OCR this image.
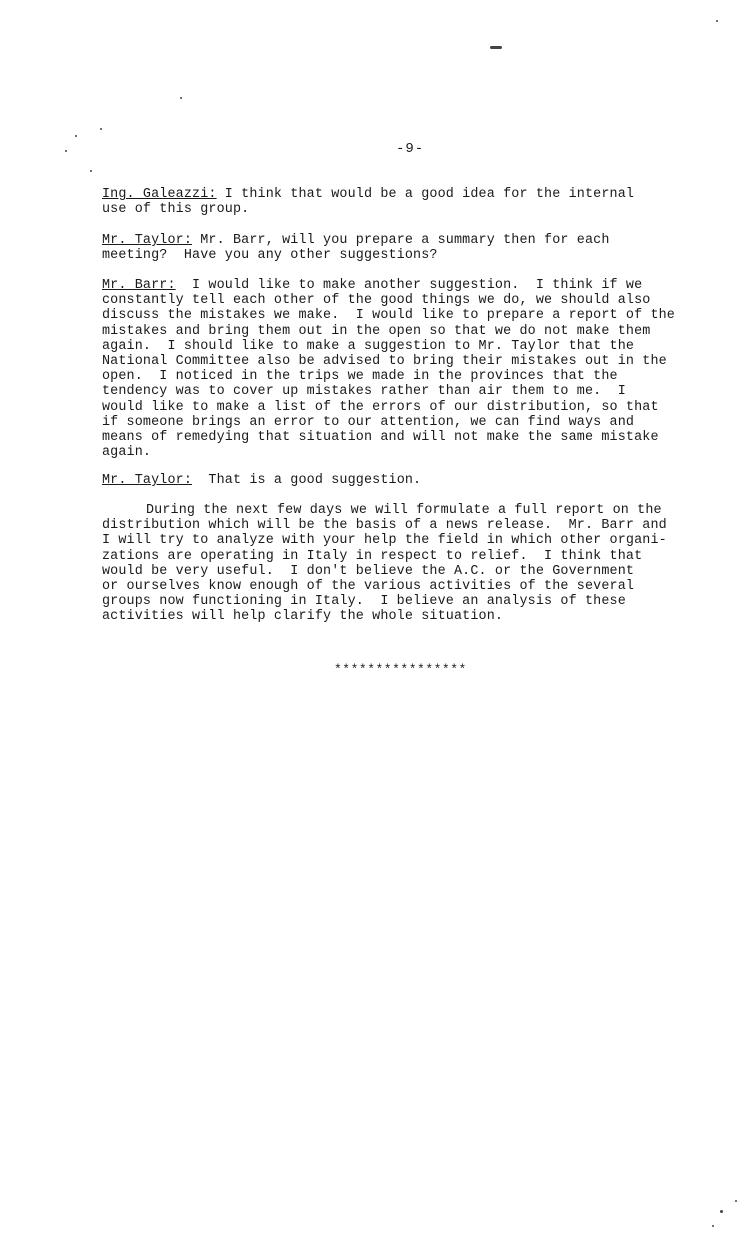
-9-
Ing. Galeazzi: I think that would be a good idea for the internal
use of this group.
Mr. Taylor: Mr. Barr, will you prepare a summary then for each
meeting?  Have you any other suggestions?
Mr. Barr:  I would like to make another suggestion.  I think if we
constantly tell each other of the good things we do, we should also
discuss the mistakes we make.  I would like to prepare a report of the
mistakes and bring them out in the open so that we do not make them
again.  I should like to make a suggestion to Mr. Taylor that the
National Committee also be advised to bring their mistakes out in the
open.  I noticed in the trips we made in the provinces that the
tendency was to cover up mistakes rather than air them to me.  I
would like to make a list of the errors of our distribution, so that
if someone brings an error to our attention, we can find ways and
means of remedying that situation and will not make the same mistake
again.
Mr. Taylor:  That is a good suggestion.
During the next few days we will formulate a full report on the
distribution which will be the basis of a news release.  Mr. Barr and
I will try to analyze with your help the field in which other organi-
zations are operating in Italy in respect to relief.  I think that
would be very useful.  I don't believe the A.C. or the Government
or ourselves know enough of the various activities of the several
groups now functioning in Italy.  I believe an analysis of these
activities will help clarify the whole situation.
****************
